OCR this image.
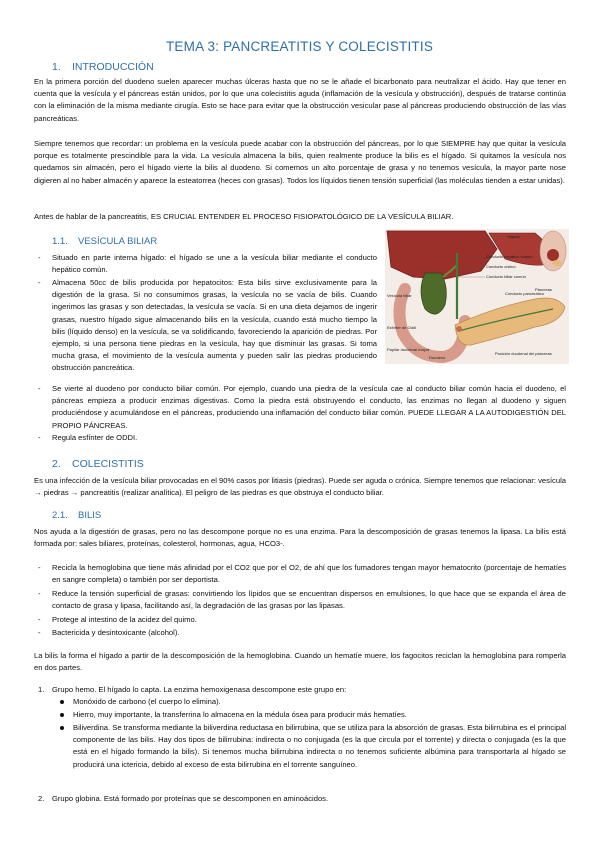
TEMA 3: PANCREATITIS Y COLECISTITIS
1. INTRODUCCIÓN

En la primera porción del duodeno suelen aparecer muchas úlceras hasta que no se le añade el bicarbonato para neutralizar el ácido. Hay que tener en cuenta que la vesícula y el páncreas están unidos, por lo que una colecistitis aguda (inflamación de la vesícula y obstrucción), después de tratarse continúa con la eliminación de la misma mediante cirugía. Esto se hace para evitar que la obstrucción vesicular pase al páncreas produciendo obstrucción de las vías pancreáticas.

Siempre tenemos que recordar: un problema en la vesícula puede acabar con la obstrucción del páncreas, por lo que SIEMPRE hay que quitar la vesícula porque es totalmente prescindible para la vida. La vesícula almacena la bilis, quien realmente produce la bilis es el hígado. Si quitamos la vesícula nos quedamos sin almacén, pero el hígado vierte la bilis al duodeno. Si comemos un alto porcentaje de grasa y no tenemos vesícula, la mayor parte nose digieren al no haber almacén y aparece la esteatorrea (heces con grasas). Todos los líquidos tienen tensión superficial (las moléculas tienden a estar unidas).

Antes de hablar de la pancreatitis, ES CRUCIAL ENTENDER EL PROCESO FISIOPATOLÓGICO DE LA VESÍCULA BILIAR.

1.1. VESÍCULA BILIAR
- Situado en parte interna hígado: el hígado se une a la vesícula biliar mediante el conducto hepático común.

- Almacena 50cc de bilis producida por hepatocitos: Esta bilis sirve exclusivamente para la digestión de la grasa. Si no consumimos grasas, la vesícula no se vacía de bilis. Cuando ingerimos las grasas y son detectadas, la vesícula se vacía. Si en una dieta dejamos de ingerir grasas, nuestro hígado sigue almacenando bilis en la vesícula, cuando está mucho tiempo la bilis (líquido denso) en la vesícula, se va solidificando, favoreciendo la aparición de piedras. Por ejemplo, si una persona tiene piedras en la vesícula, hay que disminuir las grasas. Si toma mucha grasa, el movimiento de la vesícula aumenta y pueden salir las piedras produciendo obstrucción pancreática.

- Se vierte al duodeno por conducto biliar común. Por ejemplo, cuando una piedra de la vesícula cae al conducto biliar común hacia el duodeno, el páncreas empieza a producir enzimas digestivas. Como la piedra está obstruyendo el conducto, las enzimas no llegan al duodeno y siguen produciéndose y acumulándose en el páncreas, produciendo una inflamación del conducto biliar común. PUEDE LLEGAR A LA AUTODIGESTIÓN DEL PROPIO PÁNCREAS.

- Regula esfínter de ODDI.

Hígado
Conducto hepático común
Conducto cístico
Conducto biliar común
Vesícula biliar
Esfínter de Oddi
Papilar duodenal mayor
Duodeno
Conducto pancreático
Páncreas
Posición duodenal del páncreas
2. COLECISTITIS

Es una infección de la vesícula biliar provocadas en el 90% casos por litiasis (piedras). Puede ser aguda o crónica. Siempre tenemos que relacionar: vesícula → piedras → pancreatitis (realizar analítica). El peligro de las piedras es que obstruya el conducto biliar.

2.1. BILIS

Nos ayuda a la digestión de grasas, pero no las descompone porque no es una enzima. Para la descomposición de grasas tenemos la lipasa. La bilis está formada por: sales biliares, proteínas, colesterol, hormonas, agua, HCO3-.

- Recicla la hemoglobina que tiene más afinidad por el CO2 que por el O2, de ahí que los fumadores tengan mayor hematocrito (porcentaje de hematíes en sangre completa) o también por ser deportista.

- Reduce la tensión superficial de grasas: convirtiendo los lípidos que se encuentran dispersos en emulsiones, lo que hace que se expanda el área de contacto de grasa y lipasa, facilitando así, la degradación de las grasas por las lipasas.

- Protege al intestino de la acidez del quimo.

- Bactericida y desintoxicante (alcohol).

La bilis la forma el hígado a partir de la descomposición de la hemoglobina. Cuando un hematíe muere, los fagocitos reciclan la hemoglobina para romperla en dos partes.

1. Grupo hemo. El hígado lo capta. La enzima hemoxigenasa descompone este grupo en:

Monóxido de carbono (el cuerpo lo elimina).

Hierro, muy importante, la transferrina lo almacena en la médula ósea para producir más hematíes.

Biliverdina. Se transforma mediante la biliverdina reductasa en bilirrubina, que se utiliza para la absorción de grasas. Esta bilirrubina es el principal componente de las bilis. Hay dos tipos de bilirrubina: indirecta o no conjugada (es la que circula por el torrente) y directa o conjugada (es la que está en el hígado formando la bilis). Si tenemos mucha bilirrubina indirecta o no tenemos suficiente albúmina para transportarla al hígado se producirá una ictericia, debido al exceso de esta bilirrubina en el torrente sanguíneo.

2. Grupo globina. Está formado por proteínas que se descomponen en aminoácidos.
